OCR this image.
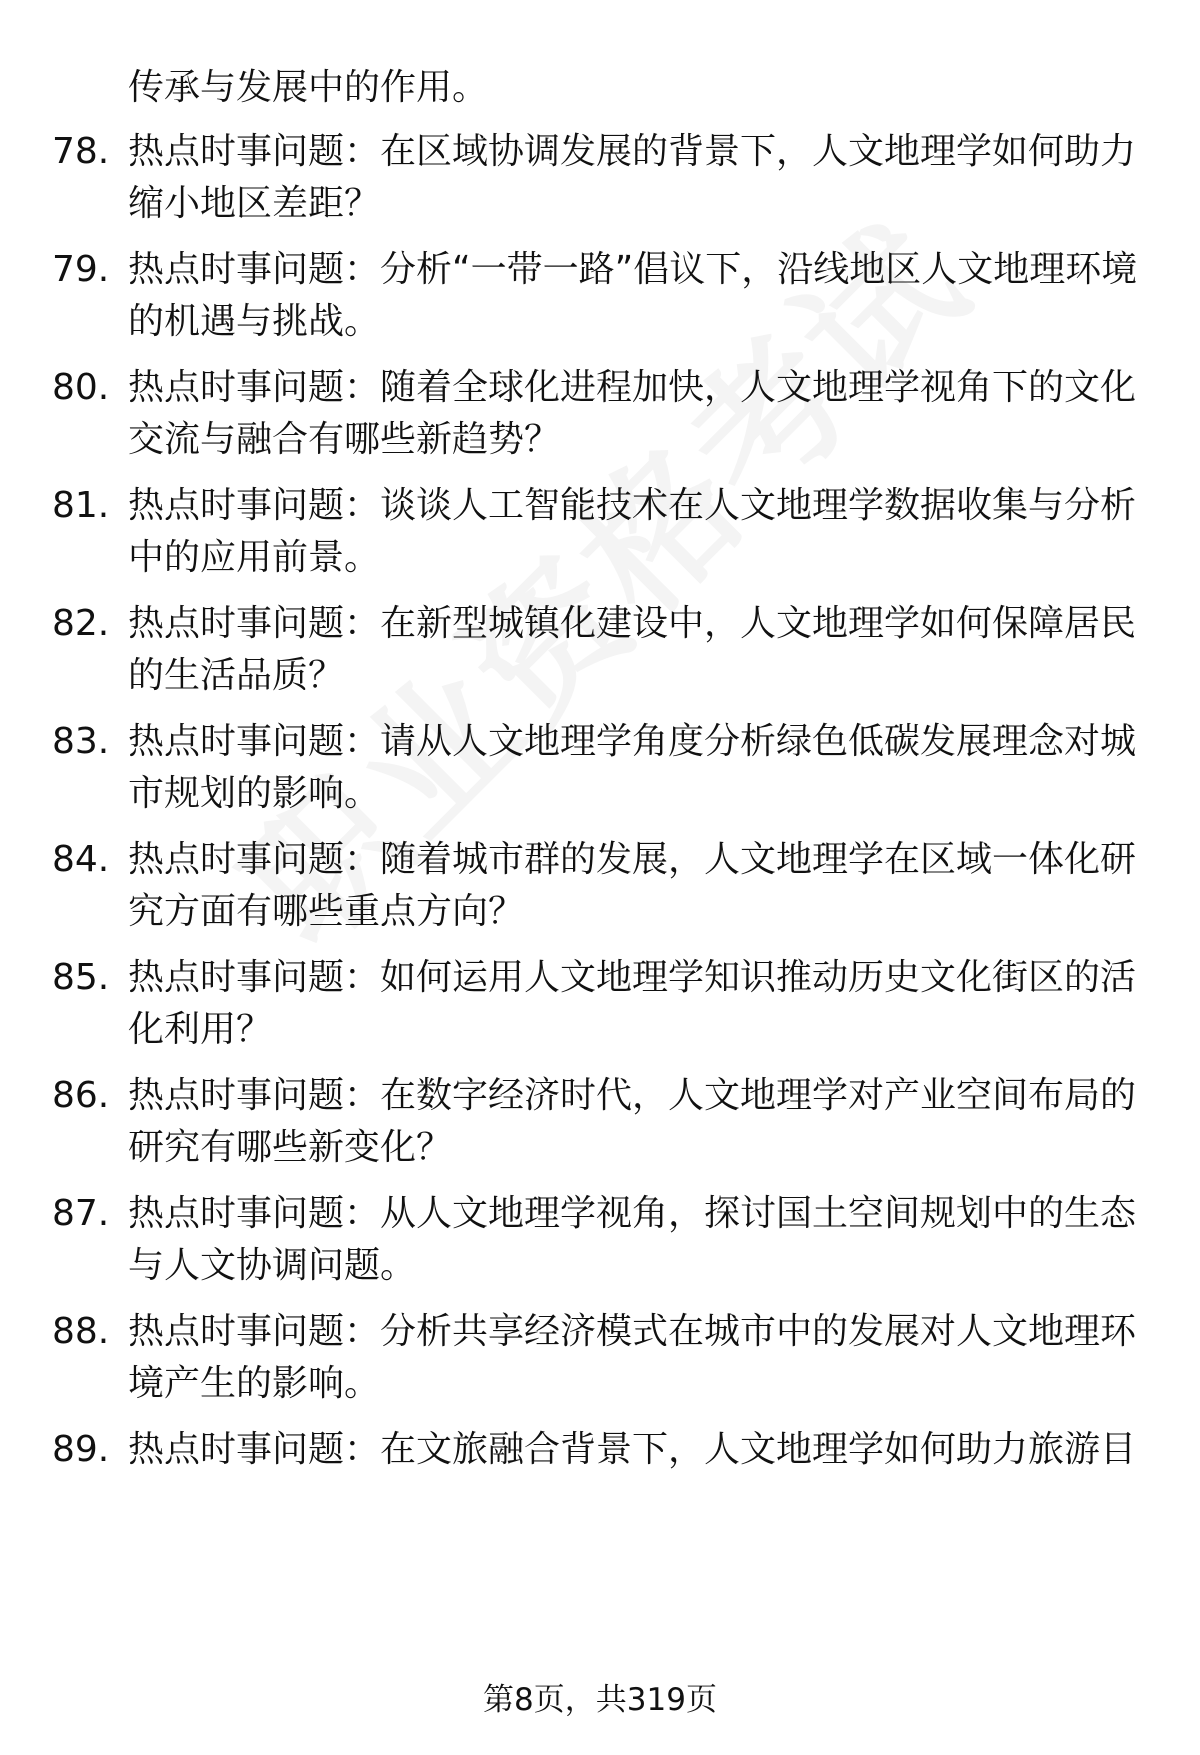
传承与发展中的作用。
78. 热点时事问题：在区域协调发展的背景下，人文地理学如何助力缩小地区差距？
79. 热点时事问题：分析“一带一路”倡议下，沿线地区人文地理环境的机遇与挑战。
80. 热点时事问题：随着全球化进程加快，人文地理学视角下的文化交流与融合有哪些新趋势？
81. 热点时事问题：谈谈人工智能技术在人文地理学数据收集与分析中的应用前景。
82. 热点时事问题：在新型城镇化建设中，人文地理学如何保障居民的生活品质？
83. 热点时事问题：请从人文地理学角度分析绿色低碳发展理念对城市规划的影响。
84. 热点时事问题：随着城市群的发展，人文地理学在区域一体化研究方面有哪些重点方向？
85. 热点时事问题：如何运用人文地理学知识推动历史文化街区的活化利用？
86. 热点时事问题：在数字经济时代，人文地理学对产业空间布局的研究有哪些新变化？
87. 热点时事问题：从人文地理学视角，探讨国土空间规划中的生态与人文协调问题。
88. 热点时事问题：分析共享经济模式在城市中的发展对人文地理环境产生的影响。
89. 热点时事问题：在文旅融合背景下，人文地理学如何助力旅游目
第8页，共319页
